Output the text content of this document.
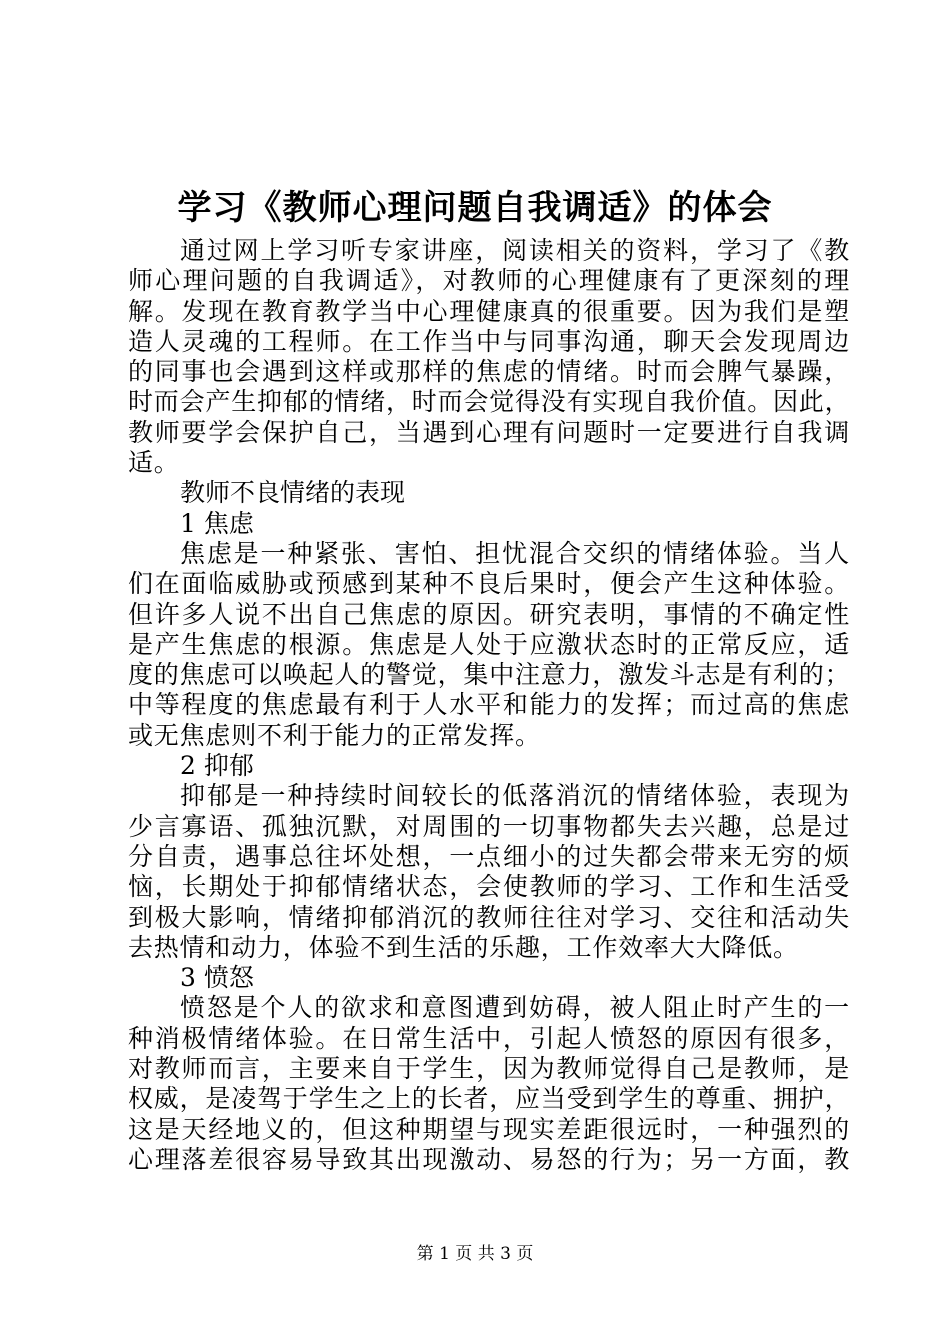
学习《教师心理问题自我调适》的体会
通过网上学习听专家讲座，阅读相关的资料，学习了《教
师心理问题的自我调适》，对教师的心理健康有了更深刻的理
解。发现在教育教学当中心理健康真的很重要。因为我们是塑
造人灵魂的工程师。在工作当中与同事沟通，聊天会发现周边
的同事也会遇到这样或那样的焦虑的情绪。时而会脾气暴躁，
时而会产生抑郁的情绪，时而会觉得没有实现自我价值。因此，
教师要学会保护自己，当遇到心理有问题时一定要进行自我调
适。
教师不良情绪的表现
1 焦虑
焦虑是一种紧张、害怕、担忧混合交织的情绪体验。当人
们在面临威胁或预感到某种不良后果时，便会产生这种体验。
但许多人说不出自己焦虑的原因。研究表明，事情的不确定性
是产生焦虑的根源。焦虑是人处于应激状态时的正常反应，适
度的焦虑可以唤起人的警觉，集中注意力，激发斗志是有利的；
中等程度的焦虑最有利于人水平和能力的发挥；而过高的焦虑
或无焦虑则不利于能力的正常发挥。
2 抑郁
抑郁是一种持续时间较长的低落消沉的情绪体验，表现为
少言寡语、孤独沉默，对周围的一切事物都失去兴趣，总是过
分自责，遇事总往坏处想，一点细小的过失都会带来无穷的烦
恼，长期处于抑郁情绪状态，会使教师的学习、工作和生活受
到极大影响，情绪抑郁消沉的教师往往对学习、交往和活动失
去热情和动力，体验不到生活的乐趣，工作效率大大降低。
3 愤怒
愤怒是个人的欲求和意图遭到妨碍，被人阻止时产生的一
种消极情绪体验。在日常生活中，引起人愤怒的原因有很多，
对教师而言，主要来自于学生，因为教师觉得自己是教师，是
权威，是凌驾于学生之上的长者，应当受到学生的尊重、拥护，
这是天经地义的，但这种期望与现实差距很远时，一种强烈的
心理落差很容易导致其出现激动、易怒的行为；另一方面，教
第 1 页 共 3 页
